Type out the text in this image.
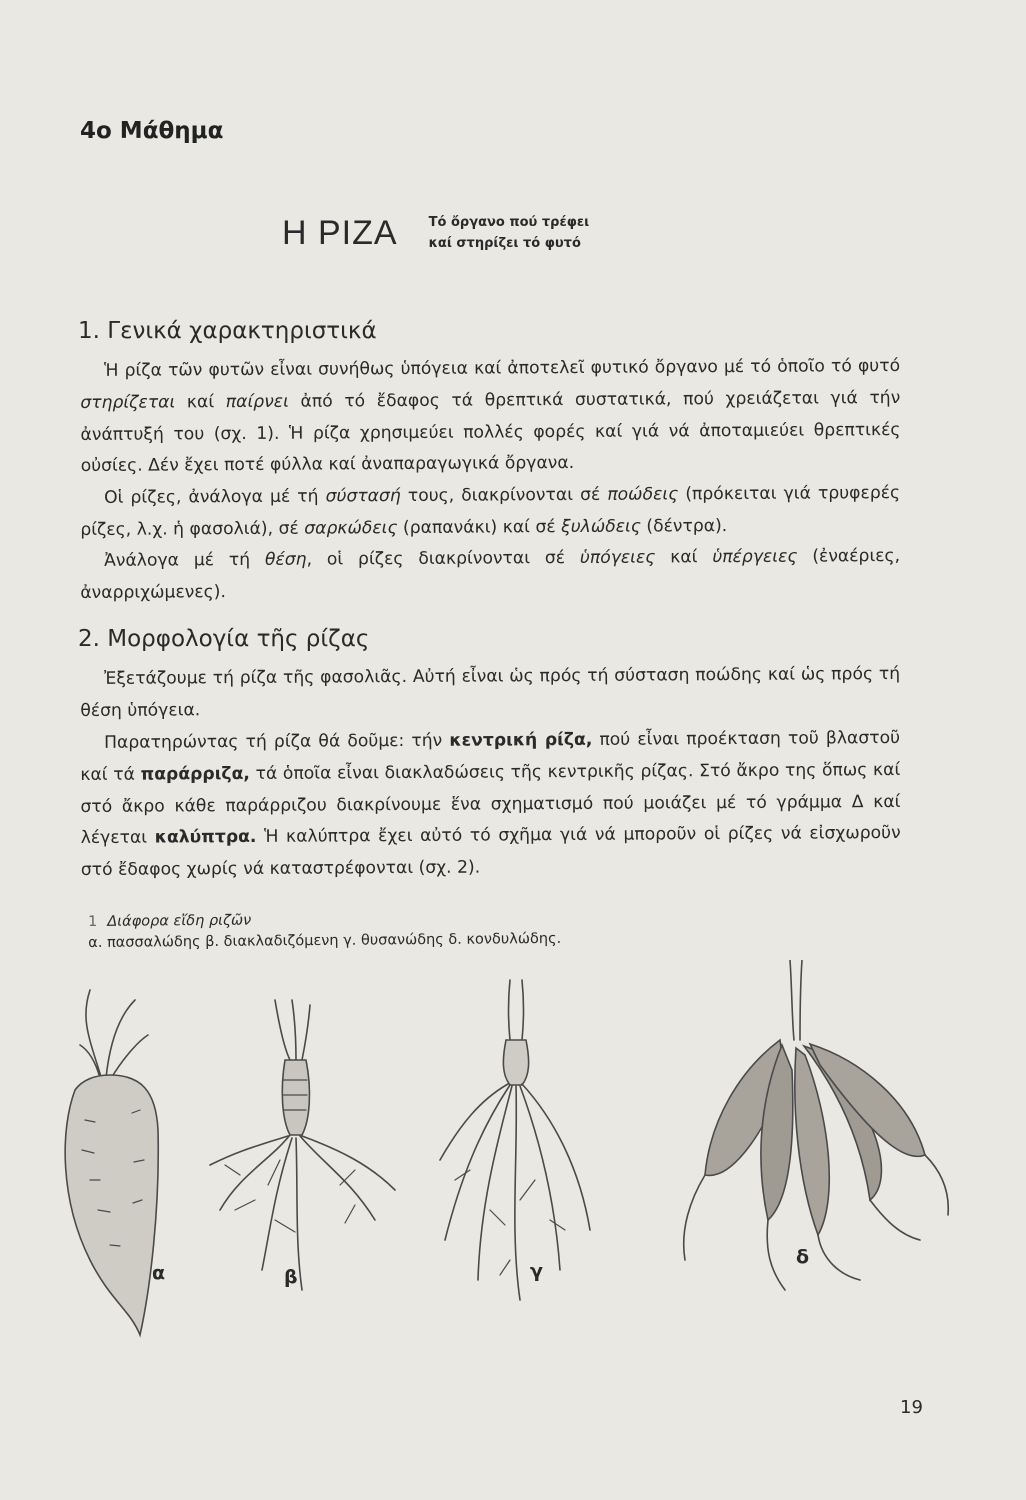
4ο Μάθημα
Η ΡΙΖΑ Τό ὄργανο πού τρέφει
καί στηρίζει τό φυτό
1. Γενικά χαρακτηριστικά

Ἡ ρίζα τῶν φυτῶν εἶναι συνήθως ὑπόγεια καί ἀποτελεῖ φυτικό ὄργανο μέ τό ὁποῖο τό φυτό στηρίζεται καί παίρνει ἀπό τό ἔδαφος τά θρεπτικά συστατικά, πού χρειάζεται γιά τήν ἀνάπτυξή του (σχ. 1). Ἡ ρίζα χρησιμεύει πολλές φορές καί γιά νά ἀποταμιεύει θρεπτικές οὐσίες. Δέν ἔχει ποτέ φύλλα καί ἀναπαραγωγικά ὄργανα.

Οἱ ρίζες, ἀνάλογα μέ τή σύστασή τους, διακρίνονται σέ ποώδεις (πρόκειται γιά τρυφερές ρίζες, λ.χ. ἡ φασολιά), σέ σαρκώδεις (ραπανάκι) καί σέ ξυλώδεις (δέντρα).

Ἀνάλογα μέ τή θέση, οἱ ρίζες διακρίνονται σέ ὑπόγειες καί ὑπέργειες (ἐναέριες, ἀναρριχώμενες).

2. Μορφολογία τῆς ρίζας

Ἐξετάζουμε τή ρίζα τῆς φασολιᾶς. Αὐτή εἶναι ὡς πρός τή σύσταση ποώδης καί ὡς πρός τή θέση ὑπόγεια.

Παρατηρώντας τή ρίζα θά δοῦμε: τήν κεντρική ρίζα, πού εἶναι προέκταση τοῦ βλαστοῦ καί τά παράρριζα, τά ὁποῖα εἶναι διακλαδώσεις τῆς κεντρικῆς ρίζας. Στό ἄκρο της ὅπως καί στό ἄκρο κάθε παράρριζου διακρίνουμε ἕνα σχηματισμό πού μοιάζει μέ τό γράμμα Δ καί λέγεται καλύπτρα. Ἡ καλύπτρα ἔχει αὐτό τό σχῆμα γιά νά μποροῦν οἱ ρίζες νά εἰσχωροῦν στό ἔδαφος χωρίς νά καταστρέφονται (σχ. 2).

1 Διάφορα εἴδη ριζῶν
α. πασσαλώδης β. διακλαδιζόμενη γ. θυσανώδης δ. κονδυλώδης.
α	β	γ
δ
19
